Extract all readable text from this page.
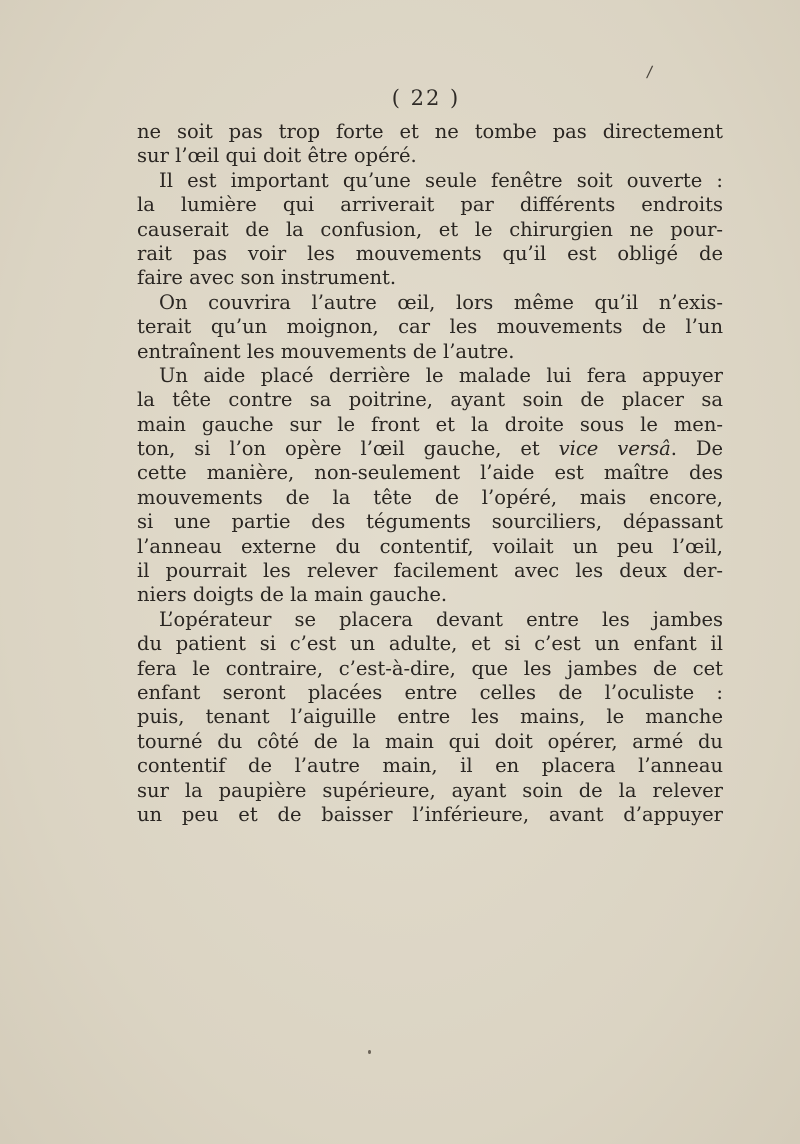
/
( 22 )
ne soit pas trop forte et ne tombe pas directement
sur l’œil qui doit être opéré.
Il est important qu’une seule fenêtre soit ouverte :
la lumière qui arriverait par différents endroits
causerait de la confusion, et le chirurgien ne pour-
rait pas voir les mouvements qu’il est obligé de
faire avec son instrument.
On couvrira l’autre œil, lors même qu’il n’exis-
terait qu’un moignon, car les mouvements de l’un
entraînent les mouvements de l’autre.
Un aide placé derrière le malade lui fera appuyer
la tête contre sa poitrine, ayant soin de placer sa
main gauche sur le front et la droite sous le men-
ton, si l’on opère l’œil gauche, et vice versâ. De
cette manière, non-seulement l’aide est maître des
mouvements de la tête de l’opéré, mais encore,
si une partie des téguments sourciliers, dépassant
l’anneau externe du contentif, voilait un peu l’œil,
il pourrait les relever facilement avec les deux der-
niers doigts de la main gauche.
L’opérateur se placera devant entre les jambes
du patient si c’est un adulte, et si c’est un enfant il
fera le contraire, c’est-à-dire, que les jambes de cet
enfant seront placées entre celles de l’oculiste :
puis, tenant l’aiguille entre les mains, le manche
tourné du côté de la main qui doit opérer, armé du
contentif de l’autre main, il en placera l’anneau
sur la paupière supérieure, ayant soin de la relever
un peu et de baisser l’inférieure, avant d’appuyer
